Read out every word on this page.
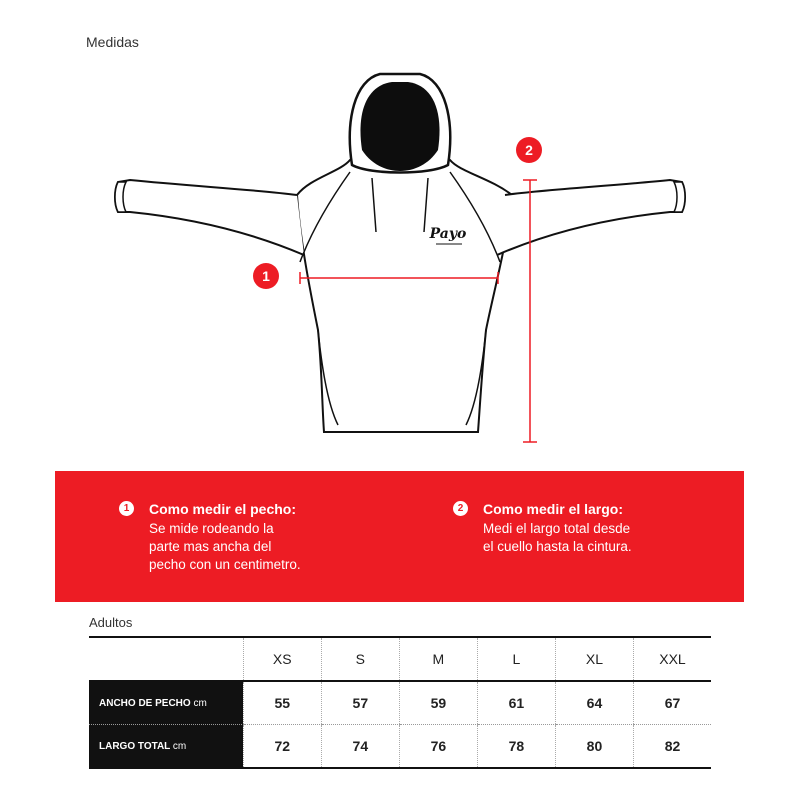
Medidas
Payo
1
2
1	Como medir el pecho:
Se mide rodeando la
parte mas ancha del
pecho con un centimetro.
2	Como medir el largo:
Medi el largo total desde
el cuello hasta la cintura.
Adultos
	XS	S	M	L	XL	XXL
ANCHO DE PECHO cm	55	57	59	61	64	67
LARGO TOTAL cm	72	74	76	78	80	82
